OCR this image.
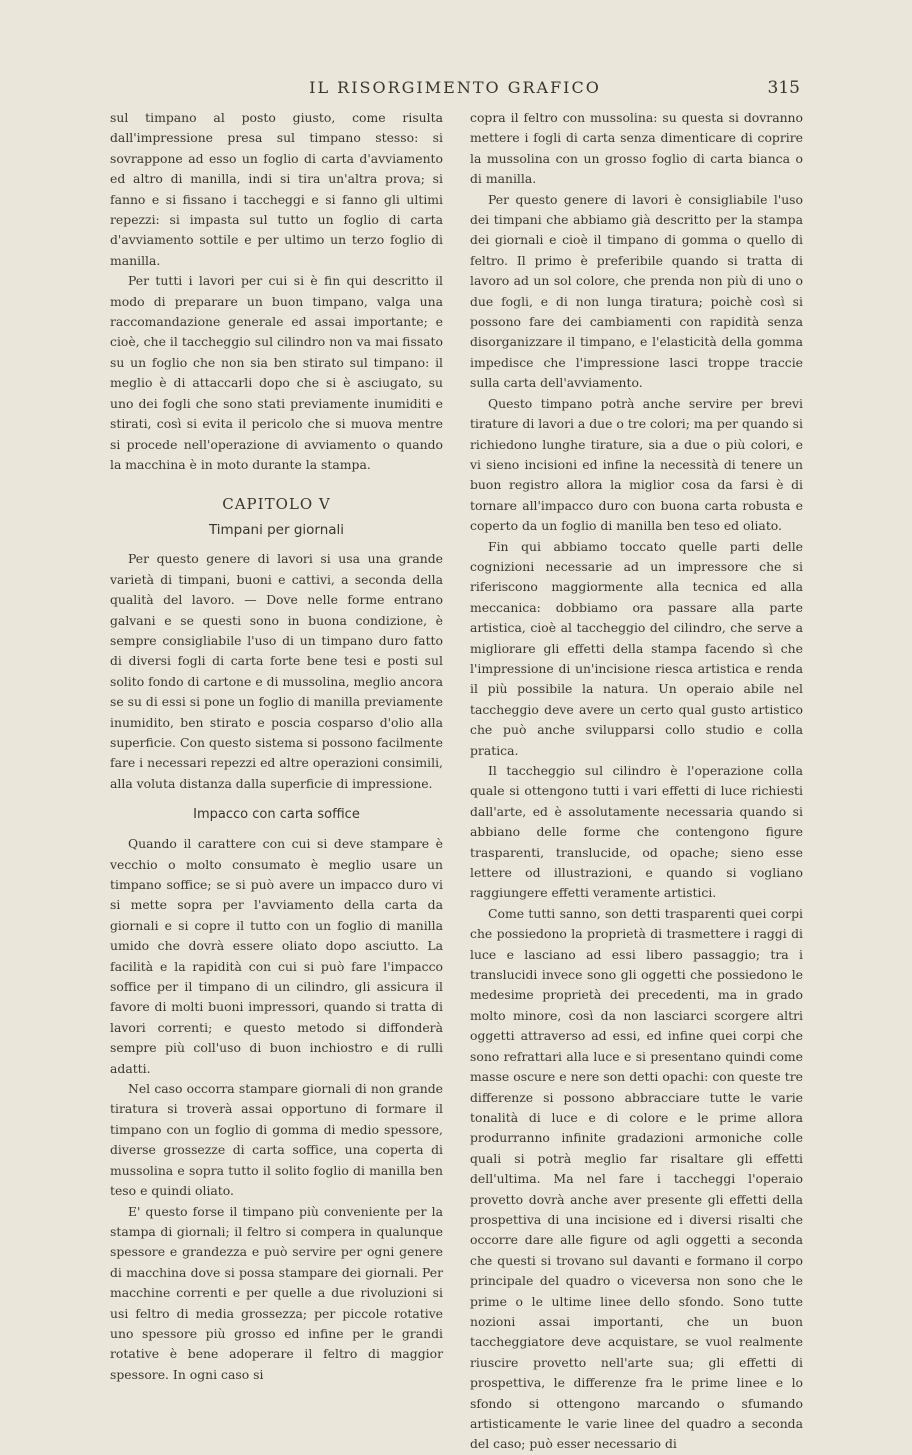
IL RISORGIMENTO GRAFICO	315

sul timpano al posto giusto, come risulta dall'impressione presa sul timpano stesso: si sovrappone ad esso un foglio di carta d'avviamento ed altro di manilla, indi si tira un'altra prova; si fanno e si fissano i taccheggi e si fanno gli ultimi repezzi: si impasta sul tutto un foglio di carta d'avviamento sottile e per ultimo un terzo foglio di manilla.

Per tutti i lavori per cui si è fin qui descritto il modo di preparare un buon timpano, valga una raccomandazione generale ed assai importante; e cioè, che il taccheggio sul cilindro non va mai fissato su un foglio che non sia ben stirato sul timpano: il meglio è di attaccarli dopo che si è asciugato, su uno dei fogli che sono stati previamente inumiditi e stirati, così si evita il pericolo che si muova mentre si procede nell'operazione di avviamento o quando la macchina è in moto durante la stampa.

CAPITOLO V
Timpani per giornali

Per questo genere di lavori si usa una grande varietà di timpani, buoni e cattivi, a seconda della qualità del lavoro. — Dove nelle forme entrano galvani e se questi sono in buona condizione, è sempre consigliabile l'uso di un timpano duro fatto di diversi fogli di carta forte bene tesi e posti sul solito fondo di cartone e di mussolina, meglio ancora se su di essi si pone un foglio di manilla previamente inumidito, ben stirato e poscia cosparso d'olio alla superficie. Con questo sistema si possono facilmente fare i necessari repezzi ed altre operazioni consimili, alla voluta distanza dalla superficie di impressione.

Impacco con carta soffice

Quando il carattere con cui si deve stampare è vecchio o molto consumato è meglio usare un timpano soffice; se si può avere un impacco duro vi si mette sopra per l'avviamento della carta da giornali e si copre il tutto con un foglio di manilla umido che dovrà essere oliato dopo asciutto. La facilità e la rapidità con cui si può fare l'impacco soffice per il timpano di un cilindro, gli assicura il favore di molti buoni impressori, quando si tratta di lavori correnti; e questo metodo si diffonderà sempre più coll'uso di buon inchiostro e di rulli adatti.

Nel caso occorra stampare giornali di non grande tiratura si troverà assai opportuno di formare il timpano con un foglio di gomma di medio spessore, diverse grossezze di carta soffice, una coperta di mussolina e sopra tutto il solito foglio di manilla ben teso e quindi oliato.

E' questo forse il timpano più conveniente per la stampa di giornali; il feltro si compera in qualunque spessore e grandezza e può servire per ogni genere di macchina dove si possa stampare dei giornali. Per macchine correnti e per quelle a due rivoluzioni si usi feltro di media grossezza; per piccole rotative uno spessore più grosso ed infine per le grandi rotative è bene adoperare il feltro di maggior spessore. In ogni caso si

copra il feltro con mussolina: su questa si dovranno mettere i fogli di carta senza dimenticare di coprire la mussolina con un grosso foglio di carta bianca o di manilla.

Per questo genere di lavori è consigliabile l'uso dei timpani che abbiamo già descritto per la stampa dei giornali e cioè il timpano di gomma o quello di feltro. Il primo è preferibile quando si tratta di lavoro ad un sol colore, che prenda non più di uno o due fogli, e di non lunga tiratura; poichè così si possono fare dei cambiamenti con rapidità senza disorganizzare il timpano, e l'elasticità della gomma impedisce che l'impressione lasci troppe traccie sulla carta dell'avviamento.

Questo timpano potrà anche servire per brevi tirature di lavori a due o tre colori; ma per quando si richiedono lunghe tirature, sia a due o più colori, e vi sieno incisioni ed infine la necessità di tenere un buon registro allora la miglior cosa da farsi è di tornare all'impacco duro con buona carta robusta e coperto da un foglio di manilla ben teso ed oliato.

Fin qui abbiamo toccato quelle parti delle cognizioni necessarie ad un impressore che si riferiscono maggiormente alla tecnica ed alla meccanica: dobbiamo ora passare alla parte artistica, cioè al taccheggio del cilindro, che serve a migliorare gli effetti della stampa facendo sì che l'impressione di un'incisione riesca artistica e renda il più possibile la natura. Un operaio abile nel taccheggio deve avere un certo qual gusto artistico che può anche svilupparsi collo studio e colla pratica.

Il taccheggio sul cilindro è l'operazione colla quale si ottengono tutti i vari effetti di luce richiesti dall'arte, ed è assolutamente necessaria quando si abbiano delle forme che contengono figure trasparenti, translucide, od opache; sieno esse lettere od illustrazioni, e quando si vogliano raggiungere effetti veramente artistici.

Come tutti sanno, son detti trasparenti quei corpi che possiedono la proprietà di trasmettere i raggi di luce e lasciano ad essi libero passaggio; tra i translucidi invece sono gli oggetti che possiedono le medesime proprietà dei precedenti, ma in grado molto minore, così da non lasciarci scorgere altri oggetti attraverso ad essi, ed infine quei corpi che sono refrattari alla luce e si presentano quindi come masse oscure e nere son detti opachi: con queste tre differenze si possono abbracciare tutte le varie tonalità di luce e di colore e le prime allora produrranno infinite gradazioni armoniche colle quali si potrà meglio far risaltare gli effetti dell'ultima. Ma nel fare i taccheggi l'operaio provetto dovrà anche aver presente gli effetti della prospettiva di una incisione ed i diversi risalti che occorre dare alle figure od agli oggetti a seconda che questi si trovano sul davanti e formano il corpo principale del quadro o viceversa non sono che le prime o le ultime linee dello sfondo. Sono tutte nozioni assai importanti, che un buon taccheggiatore deve acquistare, se vuol realmente riuscire provetto nell'arte sua; gli effetti di prospettiva, le differenze fra le prime linee e lo sfondo si ottengono marcando o sfumando artisticamente le varie linee del quadro a seconda del caso; può esser necessario di
